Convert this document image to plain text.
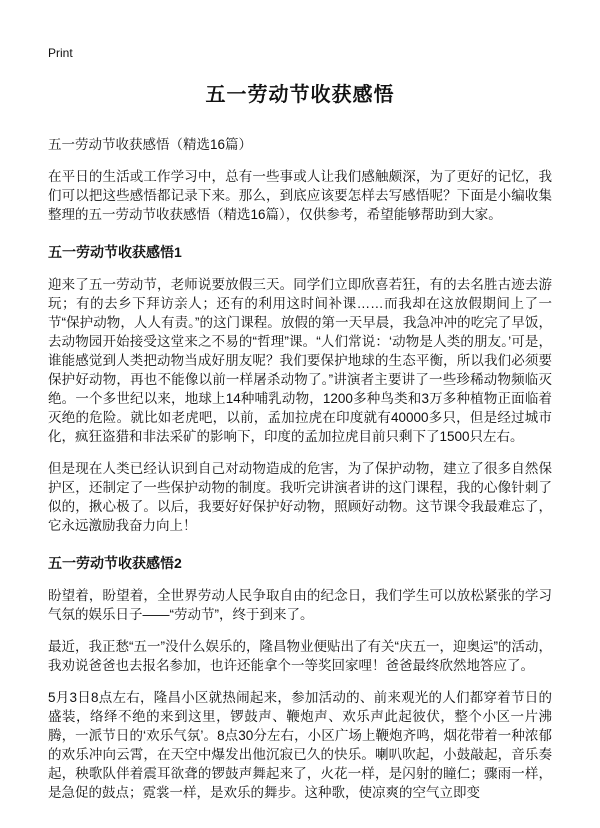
Print
五一劳动节收获感悟
五一劳动节收获感悟（精选16篇）

在平日的生活或工作学习中，总有一些事或人让我们感触颇深，为了更好的记忆，我们可以把这些感悟都记录下来。那么，到底应该要怎样去写感悟呢？下面是小编收集整理的五一劳动节收获感悟（精选16篇），仅供参考，希望能够帮助到大家。

五一劳动节收获感悟1

迎来了五一劳动节，老师说要放假三天。同学们立即欣喜若狂，有的去名胜古迹去游玩；有的去乡下拜访亲人；还有的利用这时间补课……而我却在这放假期间上了一节“保护动物，人人有责。”的这门课程。放假的第一天早晨，我急冲冲的吃完了早饭，去动物园开始接受这堂来之不易的“哲理”课。“人们常说：‘动物是人类的朋友。’可是，谁能感觉到人类把动物当成好朋友呢？我们要保护地球的生态平衡，所以我们必须要保护好动物，再也不能像以前一样屠杀动物了。”讲演者主要讲了一些珍稀动物频临灭绝。一个多世纪以来，地球上14种哺乳动物，1200多种鸟类和3万多种植物正面临着灭绝的危险。就比如老虎吧，以前，孟加拉虎在印度就有40000多只，但是经过城市化，疯狂盗猎和非法采矿的影响下，印度的孟加拉虎目前只剩下了1500只左右。

但是现在人类已经认识到自己对动物造成的危害，为了保护动物，建立了很多自然保护区，还制定了一些保护动物的制度。我听完讲演者讲的这门课程，我的心像针刺了似的，揪心极了。以后，我要好好保护好动物，照顾好动物。这节课令我最难忘了，它永远激励我奋力向上！

五一劳动节收获感悟2

盼望着，盼望着，全世界劳动人民争取自由的纪念日，我们学生可以放松紧张的学习气氛的娱乐日子——“劳动节”，终于到来了。

最近，我正愁“五一”没什么娱乐的，隆昌物业便贴出了有关“庆五一，迎奥运”的活动，我劝说爸爸也去报名参加，也许还能拿个一等奖回家哩！爸爸最终欣然地答应了。

5月3日8点左右，隆昌小区就热闹起来，参加活动的、前来观光的人们都穿着节日的盛装，络绎不绝的来到这里，锣鼓声、鞭炮声、欢乐声此起彼伏，整个小区一片沸腾，一派节日的‘欢乐气氛’。8点30分左右，小区广场上鞭炮齐鸣，烟花带着一种浓郁的欢乐冲向云霄，在天空中爆发出他沉寂已久的快乐。喇叭吹起，小鼓敲起，音乐奏起，秧歌队伴着震耳欲聋的锣鼓声舞起来了，火花一样，是闪射的瞳仁；骤雨一样，是急促的鼓点；霓裳一样，是欢乐的舞步。这种歌，使凉爽的空气立即变
